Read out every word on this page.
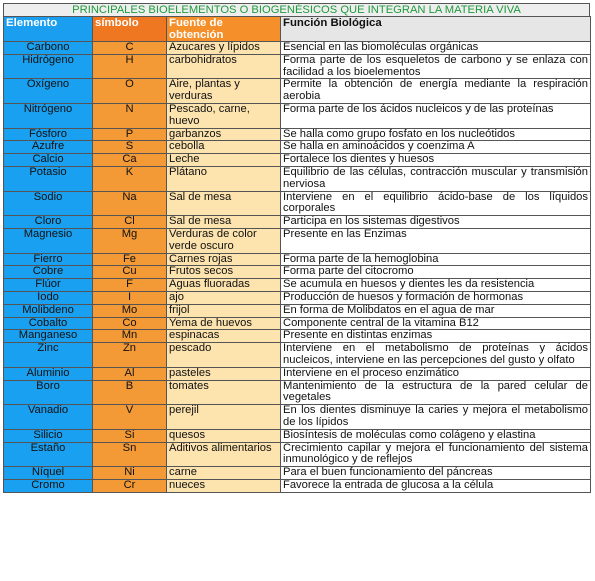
PRINCIPALES BIOELEMENTOS O BIOGENÉSICOS QUE INTEGRAN LA MATERIA VIVA
Elemento	símbolo	Fuente de obtención	Función Biológica
Carbono	C	Azucares y lípidos	Esencial en las biomoléculas orgánicas
Hidrógeno	H	carbohidratos	Forma parte de los esqueletos de carbono y se enlaza con facilidad a los bioelementos
Oxígeno	O	Aire, plantas y verduras	Permite la obtención de energía mediante la respiración aerobia
Nitrógeno	N	Pescado, carne, huevo	Forma parte de los ácidos nucleicos y de las proteínas
Fósforo	P	garbanzos	Se halla como grupo fosfato en los nucleótidos
Azufre	S	cebolla	Se halla en aminoácidos y coenzima A
Calcio	Ca	Leche	Fortalece los dientes y huesos
Potasio	K	Plátano	Equilibrio de las células, contracción muscular y transmisión nerviosa
Sodio	Na	Sal de mesa	Interviene en el equilibrio ácido-base de los líquidos corporales
Cloro	Cl	Sal de mesa	Participa en los sistemas digestivos
Magnesio	Mg	Verduras de color verde oscuro	Presente en las Enzimas
Fierro	Fe	Carnes rojas	Forma parte de la hemoglobina
Cobre	Cu	Frutos secos	Forma parte del citocromo
Flúor	F	Aguas fluoradas	Se acumula en huesos y dientes les da resistencia
Iodo	I	ajo	Producción de huesos y formación de hormonas
Molibdeno	Mo	frijol	En forma de Molibdatos en el agua de mar
Cobalto	Co	Yema de huevos	Componente central de la vitamina B12
Manganeso	Mn	espinacas	Presente en distintas enzimas
Zinc	Zn	pescado	Interviene en el metabolismo de proteínas y ácidos nucleicos, interviene en las percepciones del gusto y olfato
Aluminio	Al	pasteles	Interviene en el proceso enzimático
Boro	B	tomates	Mantenimiento de la estructura de la pared celular de vegetales
Vanadio	V	perejil	En los dientes disminuye la caries y mejora el metabolismo de los lípidos
Silicio	Si	quesos	Biosíntesis de moléculas como colágeno y elastina
Estaño	Sn	Aditivos alimentarios	Crecimiento capilar y mejora el funcionamiento del sistema inmunológico y de reflejos
Níquel	Ni	carne	Para el buen funcionamiento del páncreas
Cromo	Cr	nueces	Favorece la entrada de glucosa a la célula
